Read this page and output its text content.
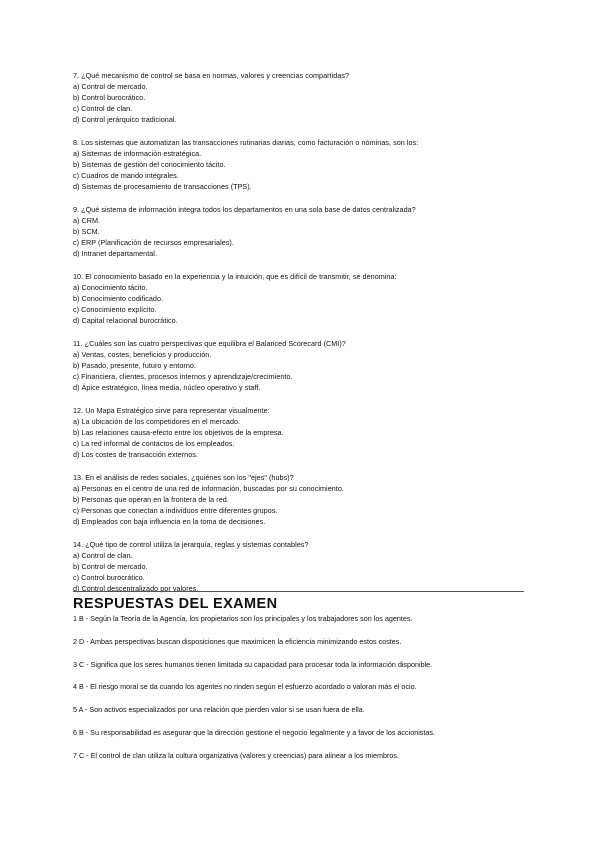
7. ¿Qué mecanismo de control se basa en normas, valores y creencias compartidas?
a) Control de mercado.
b) Control burocrático.
c) Control de clan.
d) Control jerárquico tradicional.
8. Los sistemas que automatizan las transacciones rutinarias diarias, como facturación o nóminas, son los:
a) Sistemas de información estratégica.
b) Sistemas de gestión del conocimiento tácito.
c) Cuadros de mando integrales.
d) Sistemas de procesamiento de transacciones (TPS).
9. ¿Qué sistema de información integra todos los departamentos en una sola base de datos centralizada?
a) CRM.
b) SCM.
c) ERP (Planificación de recursos empresariales).
d) Intranet departamental.
10. El conocimiento basado en la experiencia y la intuición, que es difícil de transmitir, se denomina:
a) Conocimiento tácito.
b) Conocimiento codificado.
c) Conocimiento explícito.
d) Capital relacional burocrático.
11. ¿Cuáles son las cuatro perspectivas que equilibra el Balanced Scorecard (CMI)?
a) Ventas, costes, beneficios y producción.
b) Pasado, presente, futuro y entorno.
c) Financiera, clientes, procesos internos y aprendizaje/crecimiento.
d) Ápice estratégico, línea media, núcleo operativo y staff.
12. Un Mapa Estratégico sirve para representar visualmente:
a) La ubicación de los competidores en el mercado.
b) Las relaciones causa-efecto entre los objetivos de la empresa.
c) La red informal de contactos de los empleados.
d) Los costes de transacción externos.
13. En el análisis de redes sociales, ¿quiénes son los "ejes" (hubs)?
a) Personas en el centro de una red de información, buscadas por su conocimiento.
b) Personas que operan en la frontera de la red.
c) Personas que conectan a individuos entre diferentes grupos.
d) Empleados con baja influencia en la toma de decisiones.
14. ¿Qué tipo de control utiliza la jerarquía, reglas y sistemas contables?
a) Control de clan.
b) Control de mercado.
c) Control burocrático.
d) Control descentralizado por valores.
RESPUESTAS DEL EXAMEN
1 B - Según la Teoría de la Agencia, los propietarios son los principales y los trabajadores son los agentes.
2 D - Ambas perspectivas buscan disposiciones que maximicen la eficiencia minimizando estos costes.
3 C - Significa que los seres humanos tienen limitada su capacidad para procesar toda la información disponible.
4 B - El riesgo moral se da cuando los agentes no rinden según el esfuerzo acordado o valoran más el ocio.
5 A - Son activos especializados por una relación que pierden valor si se usan fuera de ella.
6 B - Su responsabilidad es asegurar que la dirección gestione el negocio legalmente y a favor de los accionistas.
7 C - El control de clan utiliza la cultura organizativa (valores y creencias) para alinear a los miembros.
